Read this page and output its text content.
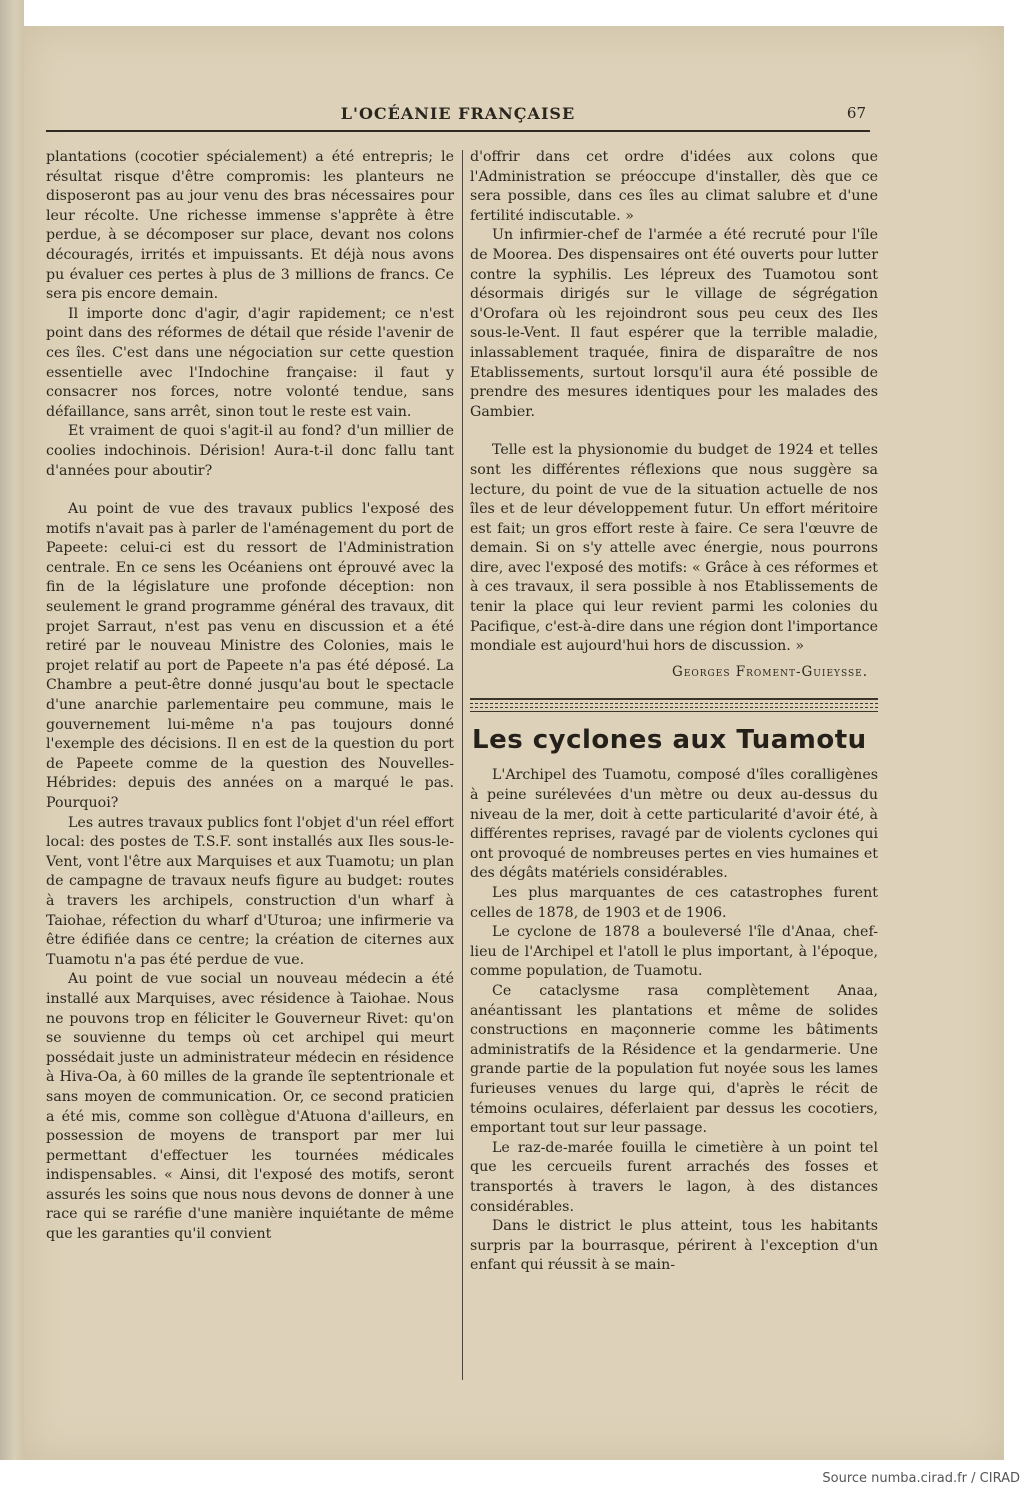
L'OCÉANIE FRANÇAISE	67

plantations (cocotier spécialement) a été entrepris; le résultat risque d'être compromis: les planteurs ne disposeront pas au jour venu des bras nécessaires pour leur récolte. Une richesse immense s'apprête à être perdue, à se décomposer sur place, devant nos colons découragés, irrités et impuissants. Et déjà nous avons pu évaluer ces pertes à plus de 3 millions de francs. Ce sera pis encore demain.

Il importe donc d'agir, d'agir rapidement; ce n'est point dans des réformes de détail que réside l'avenir de ces îles. C'est dans une négociation sur cette question essentielle avec l'Indochine française: il faut y consacrer nos forces, notre volonté tendue, sans défaillance, sans arrêt, sinon tout le reste est vain.

Et vraiment de quoi s'agit-il au fond? d'un millier de coolies indochinois. Dérision! Aura-t-il donc fallu tant d'années pour aboutir?

Au point de vue des travaux publics l'exposé des motifs n'avait pas à parler de l'aménagement du port de Papeete: celui-ci est du ressort de l'Administration centrale. En ce sens les Océaniens ont éprouvé avec la fin de la législature une profonde déception: non seulement le grand programme général des travaux, dit projet Sarraut, n'est pas venu en discussion et a été retiré par le nouveau Ministre des Colonies, mais le projet relatif au port de Papeete n'a pas été déposé. La Chambre a peut-être donné jusqu'au bout le spectacle d'une anarchie parlementaire peu commune, mais le gouvernement lui-même n'a pas toujours donné l'exemple des décisions. Il en est de la question du port de Papeete comme de la question des Nouvelles-Hébrides: depuis des années on a marqué le pas. Pourquoi?

Les autres travaux publics font l'objet d'un réel effort local: des postes de T.S.F. sont installés aux Iles sous-le-Vent, vont l'être aux Marquises et aux Tuamotu; un plan de campagne de travaux neufs figure au budget: routes à travers les archipels, construction d'un wharf à Taiohae, réfection du wharf d'Uturoa; une infirmerie va être édifiée dans ce centre; la création de citernes aux Tuamotu n'a pas été perdue de vue.

Au point de vue social un nouveau médecin a été installé aux Marquises, avec résidence à Taiohae. Nous ne pouvons trop en féliciter le Gouverneur Rivet: qu'on se souvienne du temps où cet archipel qui meurt possédait juste un administrateur médecin en résidence à Hiva-Oa, à 60 milles de la grande île septentrionale et sans moyen de communication. Or, ce second praticien a été mis, comme son collègue d'Atuona d'ailleurs, en possession de moyens de transport par mer lui permettant d'effectuer les tournées médicales indispensables. « Ainsi, dit l'exposé des motifs, seront assurés les soins que nous nous devons de donner à une race qui se raréfie d'une manière inquiétante de même que les garanties qu'il convient

d'offrir dans cet ordre d'idées aux colons que l'Administration se préoccupe d'installer, dès que ce sera possible, dans ces îles au climat salubre et d'une fertilité indiscutable. »

Un infirmier-chef de l'armée a été recruté pour l'île de Moorea. Des dispensaires ont été ouverts pour lutter contre la syphilis. Les lépreux des Tuamotou sont désormais dirigés sur le village de ségrégation d'Orofara où les rejoindront sous peu ceux des Iles sous-le-Vent. Il faut espérer que la terrible maladie, inlassablement traquée, finira de disparaître de nos Etablissements, surtout lorsqu'il aura été possible de prendre des mesures identiques pour les malades des Gambier.

Telle est la physionomie du budget de 1924 et telles sont les différentes réflexions que nous suggère sa lecture, du point de vue de la situation actuelle de nos îles et de leur développement futur. Un effort méritoire est fait; un gros effort reste à faire. Ce sera l'œuvre de demain. Si on s'y attelle avec énergie, nous pourrons dire, avec l'exposé des motifs: « Grâce à ces réformes et à ces travaux, il sera possible à nos Etablissements de tenir la place qui leur revient parmi les colonies du Pacifique, c'est-à-dire dans une région dont l'importance mondiale est aujourd'hui hors de discussion. »

Georges Froment-Guieysse.
Les cyclones aux Tuamotu

L'Archipel des Tuamotu, composé d'îles coralligènes à peine surélevées d'un mètre ou deux au-dessus du niveau de la mer, doit à cette particularité d'avoir été, à différentes reprises, ravagé par de violents cyclones qui ont provoqué de nombreuses pertes en vies humaines et des dégâts matériels considérables.

Les plus marquantes de ces catastrophes furent celles de 1878, de 1903 et de 1906.

Le cyclone de 1878 a bouleversé l'île d'Anaa, chef-lieu de l'Archipel et l'atoll le plus important, à l'époque, comme population, de Tuamotu.

Ce cataclysme rasa complètement Anaa, anéantissant les plantations et même de solides constructions en maçonnerie comme les bâtiments administratifs de la Résidence et la gendarmerie. Une grande partie de la population fut noyée sous les lames furieuses venues du large qui, d'après le récit de témoins oculaires, déferlaient par dessus les cocotiers, emportant tout sur leur passage.

Le raz-de-marée fouilla le cimetière à un point tel que les cercueils furent arrachés des fosses et transportés à travers le lagon, à des distances considérables.

Dans le district le plus atteint, tous les habitants surpris par la bourrasque, périrent à l'exception d'un enfant qui réussit à se main-

Source numba.cirad.fr / CIRAD
